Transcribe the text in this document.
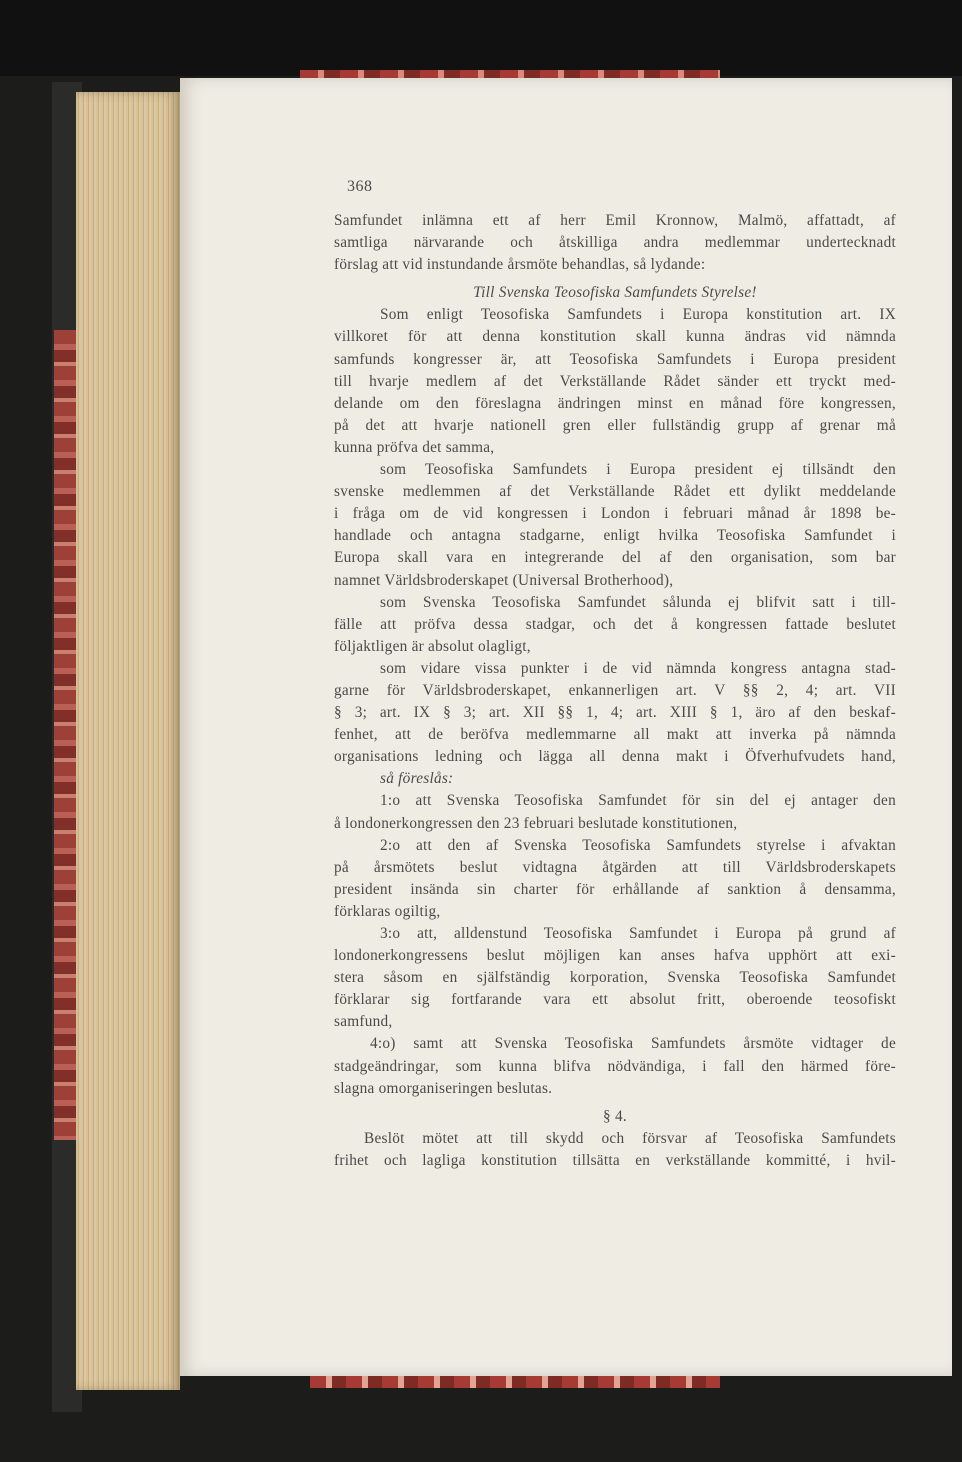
368
Samfundet inlämna ett af herr Emil Kronnow, Malmö, affattadt, af
samtliga närvarande och åtskilliga andra medlemmar undertecknadt
förslag att vid instundande årsmöte behandlas, så lydande:
Till Svenska Teosofiska Samfundets Styrelse!
Som enligt Teosofiska Samfundets i Europa konstitution art. IX
villkoret för att denna konstitution skall kunna ändras vid nämnda
samfunds kongresser är, att Teosofiska Samfundets i Europa president
till hvarje medlem af det Verkställande Rådet sänder ett tryckt med-
delande om den föreslagna ändringen minst en månad före kongressen,
på det att hvarje nationell gren eller fullständig grupp af grenar må
kunna pröfva det samma,
som Teosofiska Samfundets i Europa president ej tillsändt den
svenske medlemmen af det Verkställande Rådet ett dylikt meddelande
i fråga om de vid kongressen i London i februari månad år 1898 be-
handlade och antagna stadgarne, enligt hvilka Teosofiska Samfundet i
Europa skall vara en integrerande del af den organisation, som bar
namnet Världsbroderskapet (Universal Brotherhood),
som Svenska Teosofiska Samfundet sålunda ej blifvit satt i till-
fälle att pröfva dessa stadgar, och det å kongressen fattade beslutet
följaktligen är absolut olagligt,
som vidare vissa punkter i de vid nämnda kongress antagna stad-
garne för Världsbroderskapet, enkannerligen art. V §§ 2, 4; art. VII
§ 3; art. IX § 3; art. XII §§ 1, 4; art. XIII § 1, äro af den beskaf-
fenhet, att de beröfva medlemmarne all makt att inverka på nämnda
organisations ledning och lägga all denna makt i Öfverhufvudets hand,
så föreslås:
1:o att Svenska Teosofiska Samfundet för sin del ej antager den
å londonerkongressen den 23 februari beslutade konstitutionen,
2:o att den af Svenska Teosofiska Samfundets styrelse i afvaktan
på årsmötets beslut vidtagna åtgärden att till Världsbroderskapets
president insända sin charter för erhållande af sanktion å densamma,
förklaras ogiltig,
3:o att, alldenstund Teosofiska Samfundet i Europa på grund af
londonerkongressens beslut möjligen kan anses hafva upphört att exi-
stera såsom en själfständig korporation, Svenska Teosofiska Samfundet
förklarar sig fortfarande vara ett absolut fritt, oberoende teosofiskt
samfund,
4:o) samt att Svenska Teosofiska Samfundets årsmöte vidtager de
stadgeändringar, som kunna blifva nödvändiga, i fall den härmed före-
slagna omorganiseringen beslutas.
§ 4.
Beslöt mötet att till skydd och försvar af Teosofiska Samfundets
frihet och lagliga konstitution tillsätta en verkställande kommitté, i hvil-
